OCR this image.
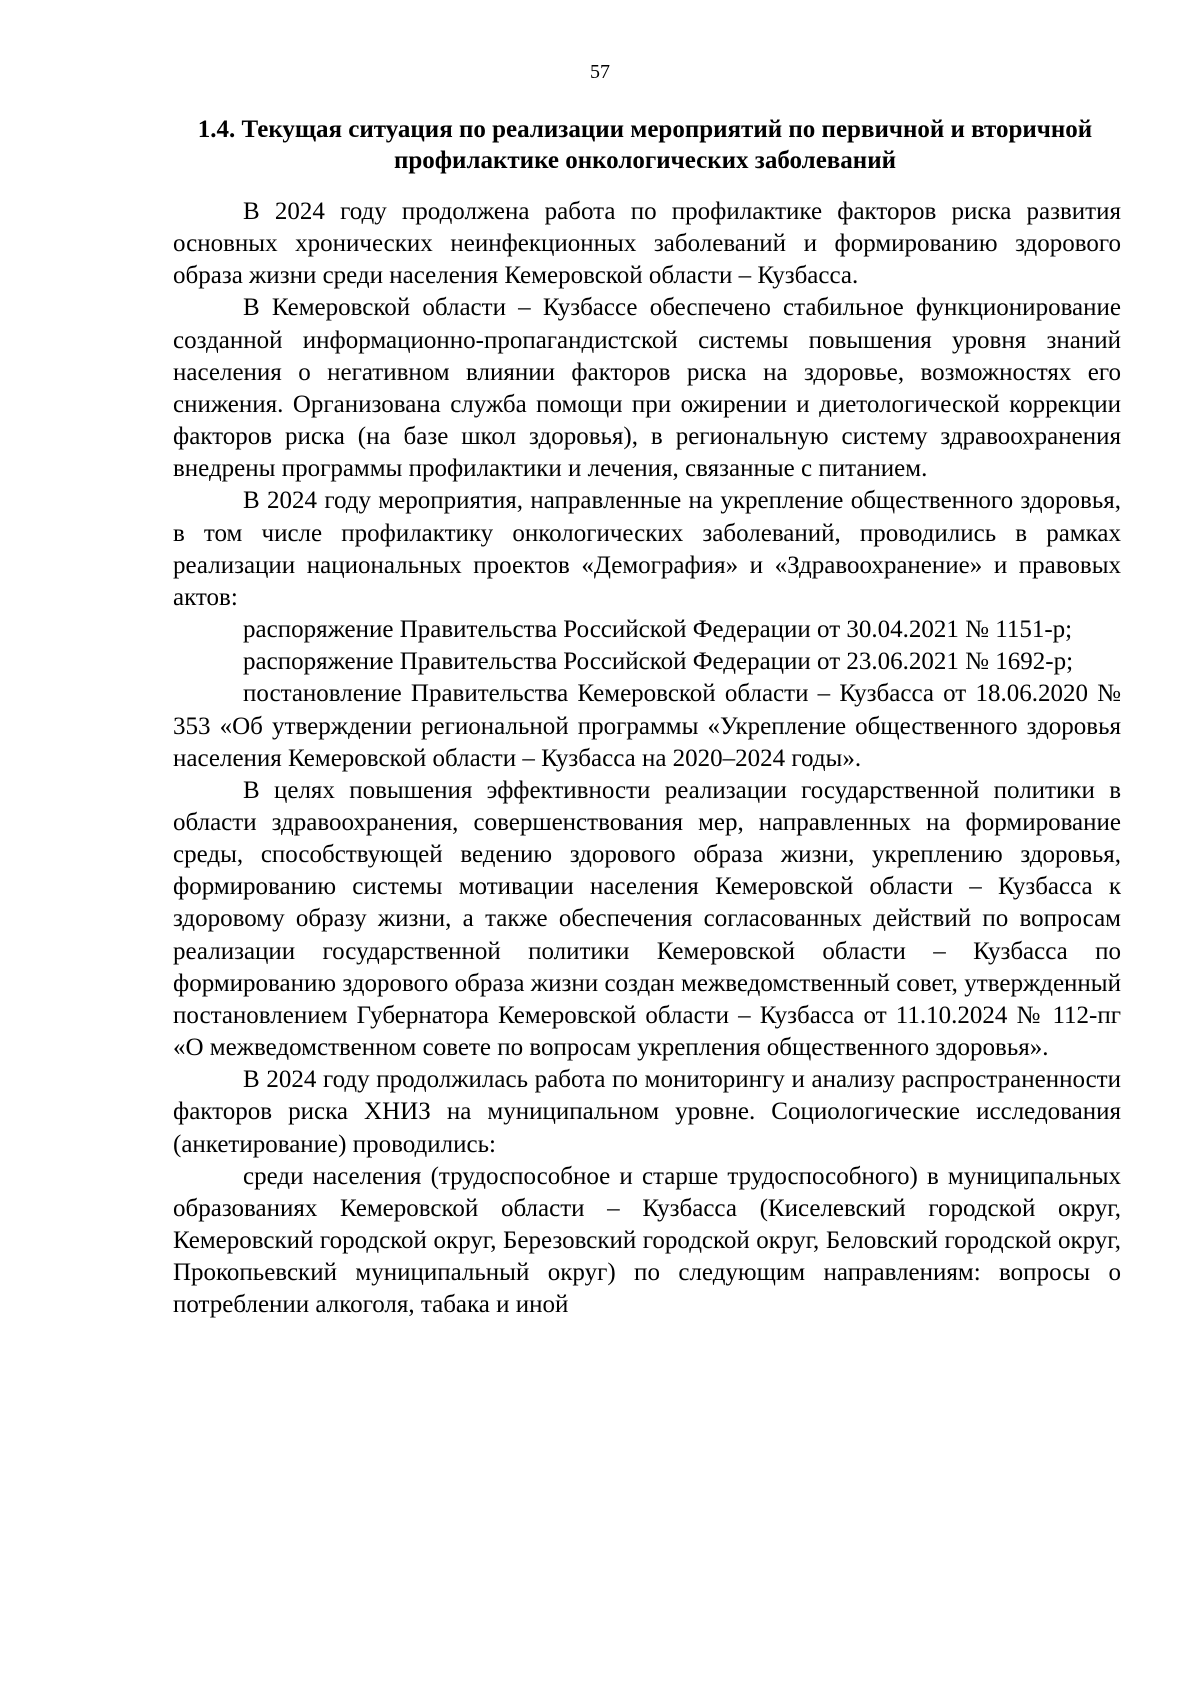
57
1.4. Текущая ситуация по реализации мероприятий по первичной и вторичной профилактике онкологических заболеваний

В 2024 году продолжена работа по профилактике факторов риска развития основных хронических неинфекционных заболеваний и формированию здорового образа жизни среди населения Кемеровской области – Кузбасса.

В Кемеровской области – Кузбассе обеспечено стабильное функционирование созданной информационно-пропагандистской системы повышения уровня знаний населения о негативном влиянии факторов риска на здоровье, возможностях его снижения. Организована служба помощи при ожирении и диетологической коррекции факторов риска (на базе школ здоровья), в региональную систему здравоохранения внедрены программы профилактики и лечения, связанные с питанием.

В 2024 году мероприятия, направленные на укрепление общественного здоровья, в том числе профилактику онкологических заболеваний, проводились в рамках реализации национальных проектов «Демография» и «Здравоохранение» и правовых актов:

распоряжение Правительства Российской Федерации от 30.04.2021 № 1151-р;

распоряжение Правительства Российской Федерации от 23.06.2021 № 1692-р;

постановление Правительства Кемеровской области – Кузбасса от 18.06.2020 № 353 «Об утверждении региональной программы «Укрепление общественного здоровья населения Кемеровской области – Кузбасса на 2020–2024 годы».

В целях повышения эффективности реализации государственной политики в области здравоохранения, совершенствования мер, направленных на формирование среды, способствующей ведению здорового образа жизни, укреплению здоровья, формированию системы мотивации населения Кемеровской области – Кузбасса к здоровому образу жизни, а также обеспечения согласованных действий по вопросам реализации государственной политики Кемеровской области – Кузбасса по формированию здорового образа жизни создан межведомственный совет, утвержденный постановлением Губернатора Кемеровской области – Кузбасса от 11.10.2024 № 112-пг «О межведомственном совете по вопросам укрепления общественного здоровья».

В 2024 году продолжилась работа по мониторингу и анализу распространенности факторов риска ХНИЗ на муниципальном уровне. Социологические исследования (анкетирование) проводились:

среди населения (трудоспособное и старше трудоспособного) в муниципальных образованиях Кемеровской области – Кузбасса (Киселевский городской округ, Кемеровский городской округ, Березовский городской округ, Беловский городской округ, Прокопьевский муниципальный округ) по следующим направлениям: вопросы о потреблении алкоголя, табака и иной
